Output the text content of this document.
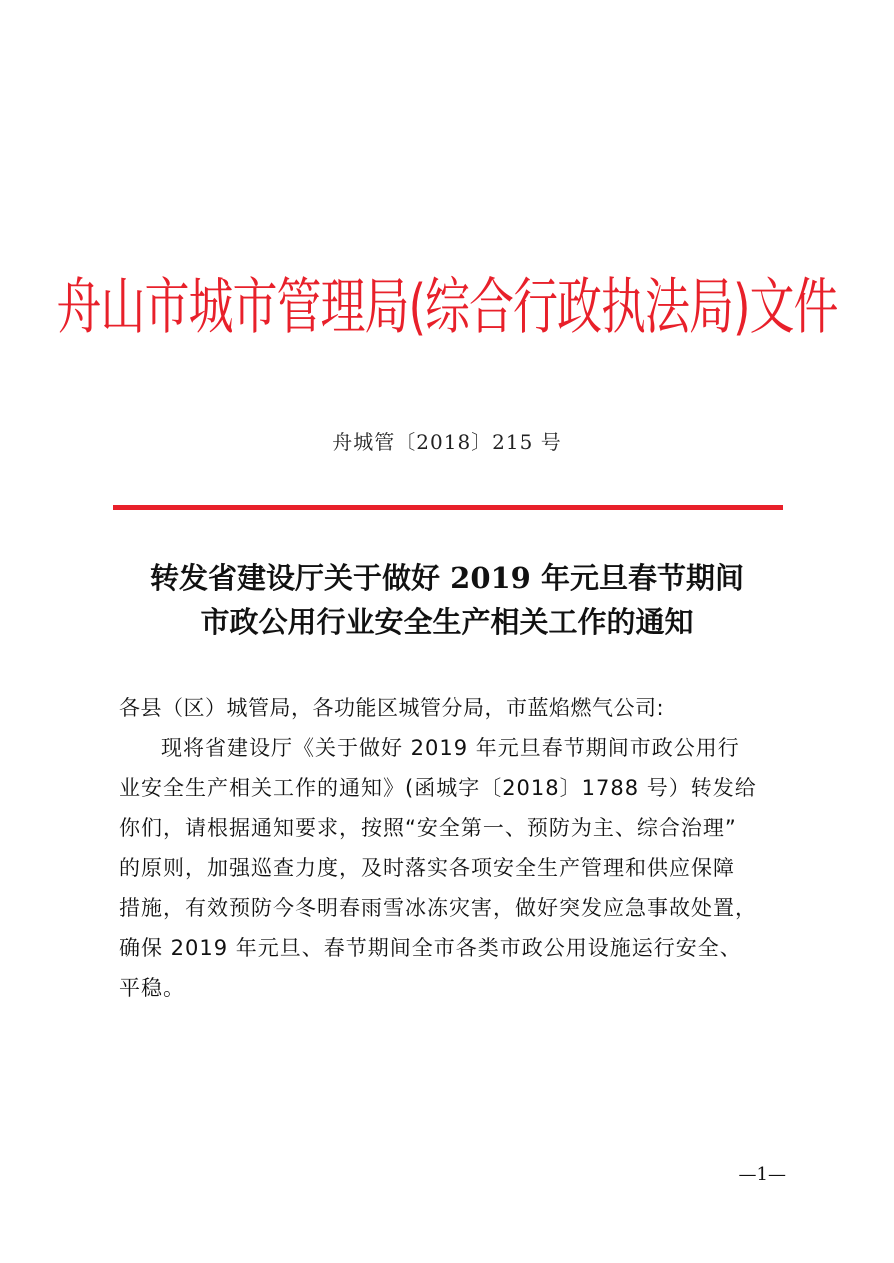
舟山市城市管理局(综合行政执法局)文件
舟城管〔2018〕215 号
转发省建设厅关于做好 2019 年元旦春节期间
市政公用行业安全生产相关工作的通知
各县（区）城管局，各功能区城管分局，市蓝焰燃气公司:
现将省建设厅《关于做好 2019 年元旦春节期间市政公用行
业安全生产相关工作的通知》(函城字〔2018〕1788 号）转发给
你们，请根据通知要求，按照“安全第一、预防为主、综合治理”
的原则，加强巡查力度，及时落实各项安全生产管理和供应保障
措施，有效预防今冬明春雨雪冰冻灾害，做好突发应急事故处置，
确保 2019 年元旦、春节期间全市各类市政公用设施运行安全、
平稳。
—1—
